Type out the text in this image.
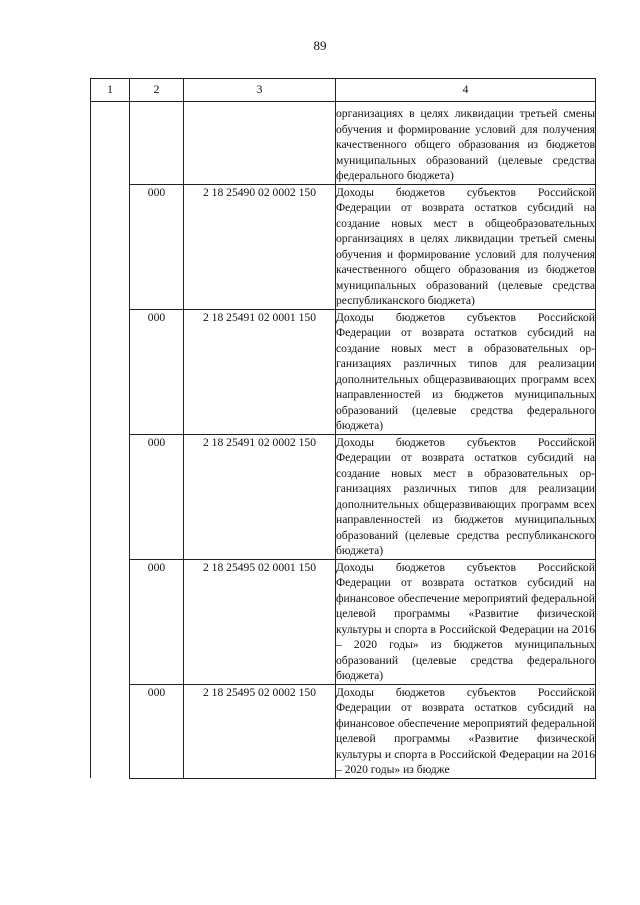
89
1	2	3	4
			организациях в целях ликвидации третьей смены обучения и формирование условий для получения качественного общего образования из бюджетов муниципальных образований (целевые средства федерального бюджета)
	000	2 18 25490 02 0002 150	Доходы бюджетов субъектов Российской Федерации от возврата остатков субсидий на создание новых мест в общеобразовательных организациях в целях ликвидации третьей смены обучения и формирование условий для получения качественного общего образования из бюджетов муниципальных образований (целевые средства республиканского бюджета)
	000	2 18 25491 02 0001 150	Доходы бюджетов субъектов Российской Федерации от возврата остатков субсидий на создание новых мест в образовательных организациях различных типов для реализации дополнительных общеразвивающих программ всех направленностей из бюджетов муниципальных образований (целевые средства федерального бюджета)
	000	2 18 25491 02 0002 150	Доходы бюджетов субъектов Российской Федерации от возврата остатков субсидий на создание новых мест в образовательных организациях различных типов для реализации дополнительных общеразвивающих программ всех направленностей из бюджетов муниципальных образований (целевые средства республиканского бюджета)
	000	2 18 25495 02 0001 150	Доходы бюджетов субъектов Российской Федерации от возврата остатков субсидий на финансовое обеспечение мероприятий федеральной целевой программы «Развитие физической культуры и спорта в Российской Федерации на 2016 – 2020 годы» из бюджетов муниципальных образований (целевые средства федерального бюджета)
	000	2 18 25495 02 0002 150	Доходы бюджетов субъектов Российской Федерации от возврата остатков субсидий на финансовое обеспечение мероприятий федеральной целевой программы «Развитие физической культуры и спорта в Российской Федерации на 2016 – 2020 годы» из бюдже
